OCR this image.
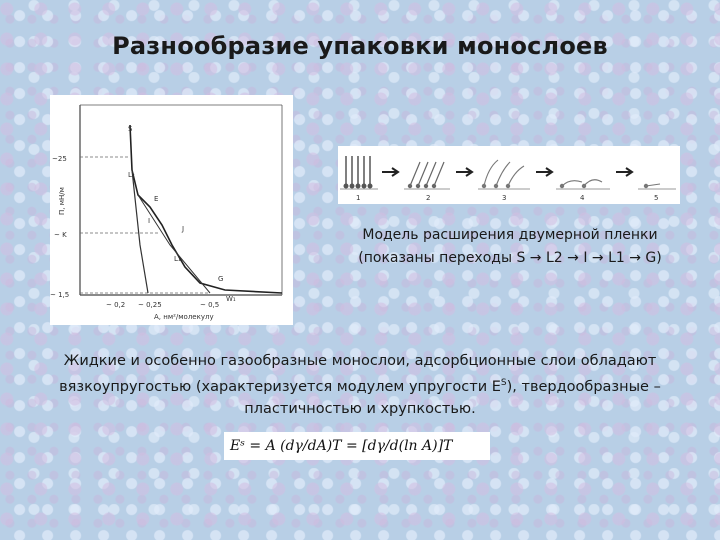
Разнообразие упаковки монослоев
S
L₂
E
I
J
L₁
G
W₁
~25
~ K
~ 1,5
~ 0,2 ~ 0,25	~ 0,5
Π, мН/м
A, нм²/молекулу
1	2	3	4	5
Модель расширения двумерной пленки
(показаны переходы S → L2 → I → L1 → G)
Жидкие и особенно газообразные монослои, адсорбционные слои обладают
вязкоупругостью (характеризуется модулем упругости $E^S$), твердообразные –
пластичностью и хрупкостью.
Eˢ = A (dγ/dA)T = [dγ/d(ln A)]T
